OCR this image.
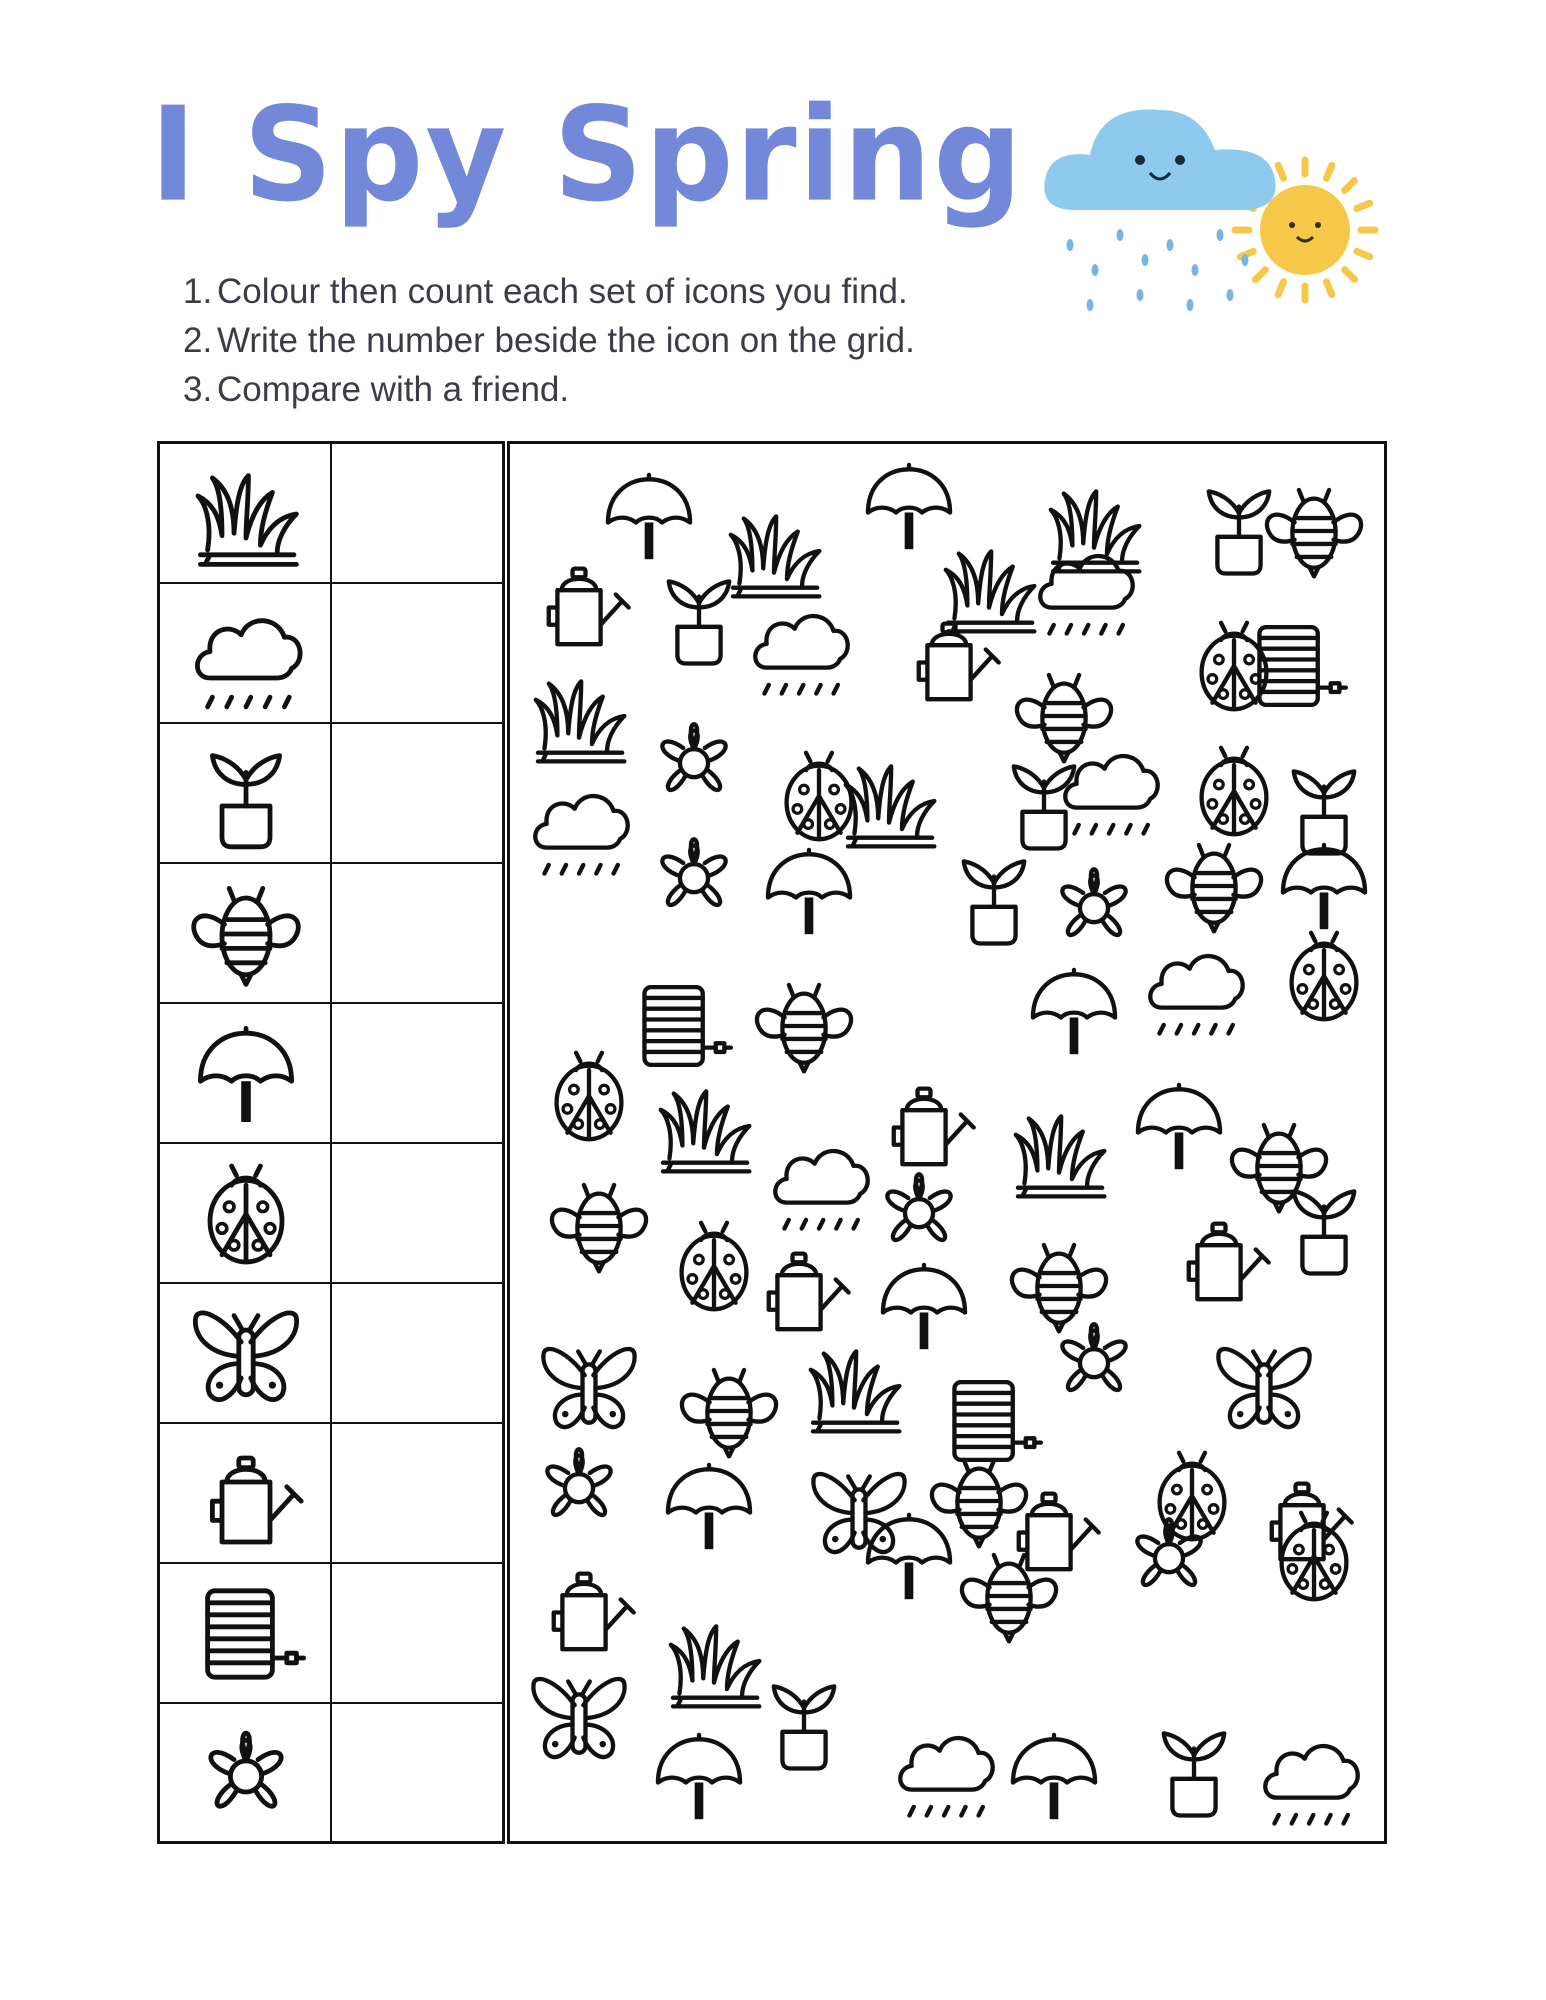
I Spy Spring
1. Colour then count each set of icons you find.
2. Write the number beside the icon on the grid.
3. Compare with a friend.
